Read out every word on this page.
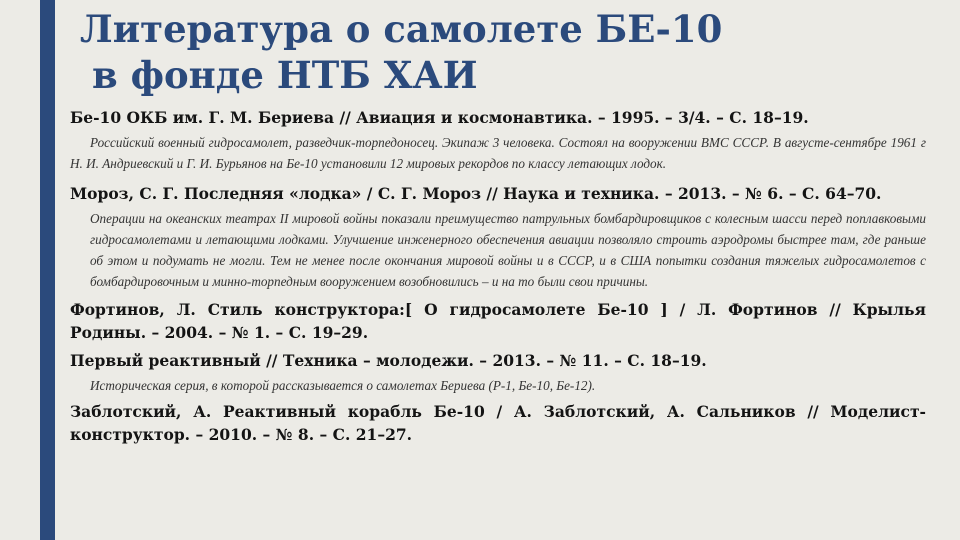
Литература о самолете БЕ-10
в фонде НТБ ХАИ

Бе-10 ОКБ им. Г. М. Бериева // Авиация и космонавтика. – 1995. – 3/4. – С. 18–19.

Российский военный гидросамолет, разведчик-торпедоносец. Экипаж 3 человека. Состоял на вооружении ВМС СССР. В августе-сентябре 1961 г Н. И. Андриевский и Г. И. Бурьянов на Бе-10 установили 12 мировых рекордов по классу летающих лодок.

Мороз, С. Г. Последняя «лодка» / С. Г. Мороз // Наука и техника. – 2013. – № 6. – С. 64–70.

Операции на океанских театрах II мировой войны показали преимущество патрульных бомбардировщиков с колесным шасси перед поплавковыми гидросамолетами и летающими лодками. Улучшение инженерного обеспечения авиации позволяло строить аэродромы быстрее там, где раньше об этом и подумать не могли. Тем не менее после окончания мировой войны и в СССР, и в США попытки создания тяжелых гидросамолетов с бомбардировочным и минно-торпедным вооружением возобновились – и на то были свои причины.

Фортинов, Л. Стиль конструктора:[ О гидросамолете Бе-10 ] / Л. Фортинов // Крылья Родины. – 2004. – № 1. – С. 19–29.

Первый реактивный // Техника – молодежи. – 2013. – № 11. – С. 18–19.

Историческая серия, в которой рассказывается о самолетах Бериева (Р-1, Бе-10, Бе-12).

Заблотский, А. Реактивный корабль Бе-10 / А. Заблотский, А. Сальников // Моделист-конструктор. – 2010. – № 8. – С. 21–27.
